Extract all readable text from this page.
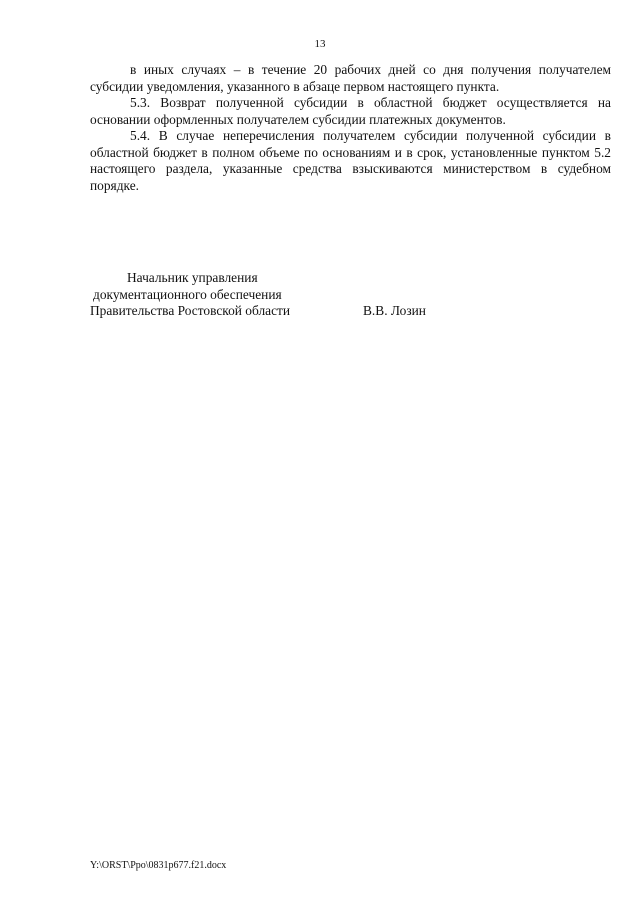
13

в иных случаях – в течение 20 рабочих дней со дня получения получателем субсидии уведомления, указанного в абзаце первом настоящего пункта.

5.3. Возврат полученной субсидии в областной бюджет осуществляется на основании оформленных получателем субсидии платежных документов.

5.4. В случае неперечисления получателем субсидии полученной субсидии в областной бюджет в полном объеме по основаниям и в срок, установленные пунктом 5.2 настоящего раздела, указанные средства взыскиваются министерством в судебном порядке.

Начальник управления
документационного обеспечения
Правительства Ростовской области	В.В. Лозин
Y:\ORST\Ppo\0831p677.f21.docx
